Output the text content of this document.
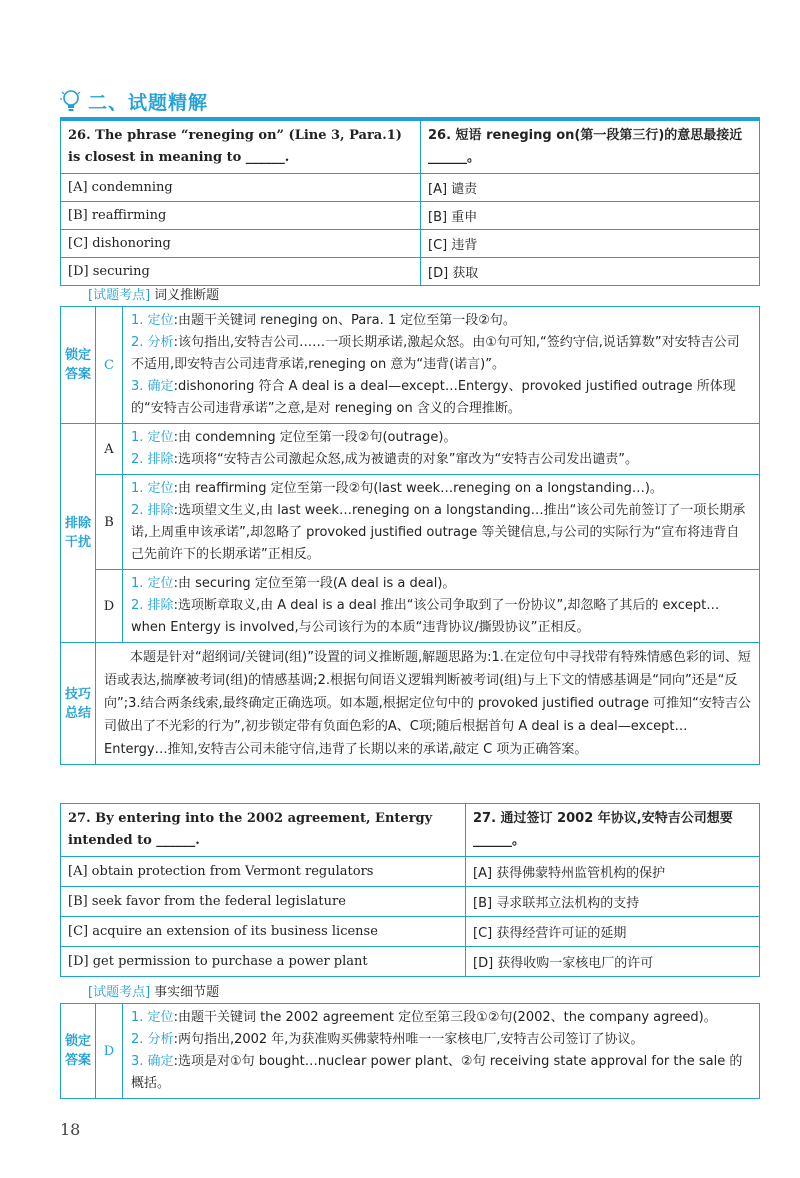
二、试题精解
26. The phrase “reneging on” (Line 3, Para.1) is closest in meaning to ______.	26. 短语 reneging on(第一段第三行)的意思最接近______。
[A] condemning	[A] 谴责
[B] reaffirming	[B] 重申
[C] dishonoring	[C] 违背
[D] securing	[D] 获取
[试题考点] 词义推断题
锁定答案	C	1. 定位:由题干关键词 reneging on、Para. 1 定位至第一段②句。
2. 分析:该句指出,安特吉公司……一项长期承诺,激起众怒。由①句可知,“签约守信,说话算数”对安特吉公司不适用,即安特吉公司违背承诺,reneging on 意为“违背(诺言)”。
3. 确定:dishonoring 符合 A deal is a deal—except…Entergy、provoked justified outrage 所体现的“安特吉公司违背承诺”之意,是对 reneging on 含义的合理推断。

排除干扰	A	1. 定位:由 condemning 定位至第一段②句(outrage)。
2. 排除:选项将“安特吉公司激起众怒,成为被谴责的对象”窜改为“安特吉公司发出谴责”。

	B	1. 定位:由 reaffirming 定位至第一段②句(last week…reneging on a longstanding…)。
2. 排除:选项望文生义,由 last week…reneging on a longstanding…推出“该公司先前签订了一项长期承诺,上周重申该承诺”,却忽略了 provoked justified outrage 等关键信息,与公司的实际行为“宣布将违背自己先前许下的长期承诺”正相反。

	D	1. 定位:由 securing 定位至第一段(A deal is a deal)。
2. 排除:选项断章取义,由 A deal is a deal 推出“该公司争取到了一份协议”,却忽略了其后的 except…when Entergy is involved,与公司该行为的本质“违背协议/撕毁协议”正相反。

技巧总结	本题是针对“超纲词/关键词(组)”设置的词义推断题,解题思路为:1.在定位句中寻找带有特殊情感色彩的词、短语或表达,揣摩被考词(组)的情感基调;2.根据句间语义逻辑判断被考词(组)与上下文的情感基调是“同向”还是“反向”;3.结合两条线索,最终确定正确选项。如本题,根据定位句中的 provoked justified outrage 可推知“安特吉公司做出了不光彩的行为”,初步锁定带有负面色彩的A、C项;随后根据首句 A deal is a deal—except…Entergy…推知,安特吉公司未能守信,违背了长期以来的承诺,敲定 C 项为正确答案。	
27. By entering into the 2002 agreement, Entergy intended to ______.	27. 通过签订 2002 年协议,安特吉公司想要______。
[A] obtain protection from Vermont regulators	[A] 获得佛蒙特州监管机构的保护
[B] seek favor from the federal legislature	[B] 寻求联邦立法机构的支持
[C] acquire an extension of its business license	[C] 获得经营许可证的延期
[D] get permission to purchase a power plant	[D] 获得收购一家核电厂的许可
[试题考点] 事实细节题
锁定答案	D	
1. 定位:由题干关键词 the 2002 agreement 定位至第三段①②句(2002、the company agreed)。
2. 分析:两句指出,2002 年,为获准购买佛蒙特州唯一一家核电厂,安特吉公司签订了协议。
3. 确定:选项是对①句 bought…nuclear power plant、②句 receiving state approval for the sale 的概括。
18
